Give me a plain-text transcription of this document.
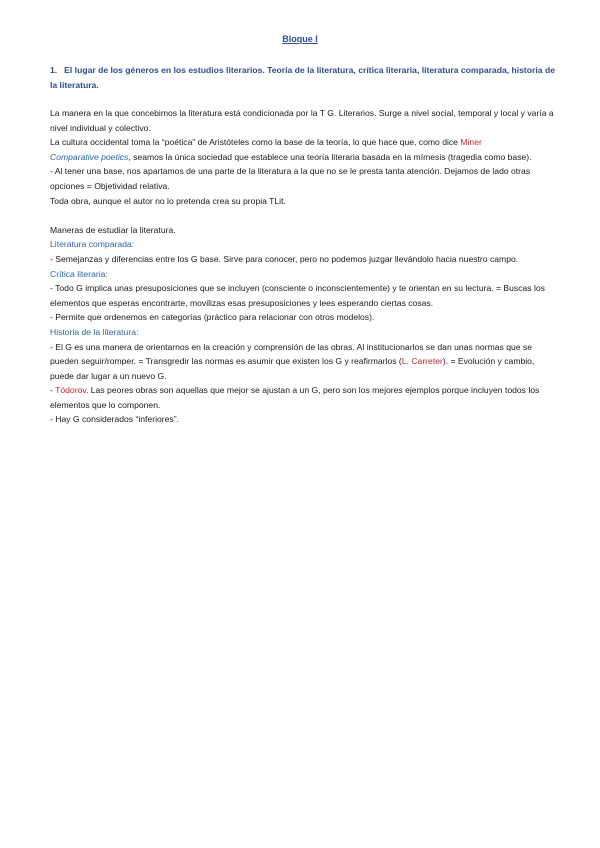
Bloque I
1. El lugar de los géneros en los estudios literarios. Teoría de la literatura, crítica literaria, literatura comparada, historia de la literatura.

La manera en la que concebimos la literatura está condicionada por la T G. Literarios. Surge a nivel social, temporal y local y varía a nivel individual y colectivo.

La cultura occidental toma la “poética” de Aristóteles como la base de la teoría, lo que hace que, como dice Miner
Comparative poetics, seamos la única sociedad que establece una teoría literaria basada en la mímesis (tragedia como base).

- Al tener una base, nos apartamos de una parte de la literatura a la que no se le presta tanta atención. Dejamos de lado otras opciones = Objetividad relativa.

Toda obra, aunque el autor no lo pretenda crea su propia TLit.

Maneras de estudiar la literatura.

Literatura comparada:

- Semejanzas y diferencias entre los G base. Sirve para conocer, pero no podemos juzgar llevándolo hacia nuestro campo.

Crítica literaria:

- Todo G implica unas presuposiciones que se incluyen (consciente o inconscientemente) y te orientan en su lectura. = Buscas los elementos que esperas encontrarte, movilizas esas presuposiciones y lees esperando ciertas cosas.

- Permite que ordenemos en categorías (práctico para relacionar con otros modelos).

Historia de la literatura:

- El G es una manera de orientarnos en la creación y comprensión de las obras. Al institucionarlos se dan unas normas que se pueden seguir/romper. = Transgredir las normas es asumir que existen los G y reafirmarlos (L. Carreter). = Evolución y cambio, puede dar lugar a un nuevo G.

- Tódorov. Las peores obras son aquellas que mejor se ajustan a un G, pero son los mejores ejemplos porque incluyen todos los elementos que lo componen.

- Hay G considerados “inferiores”.
